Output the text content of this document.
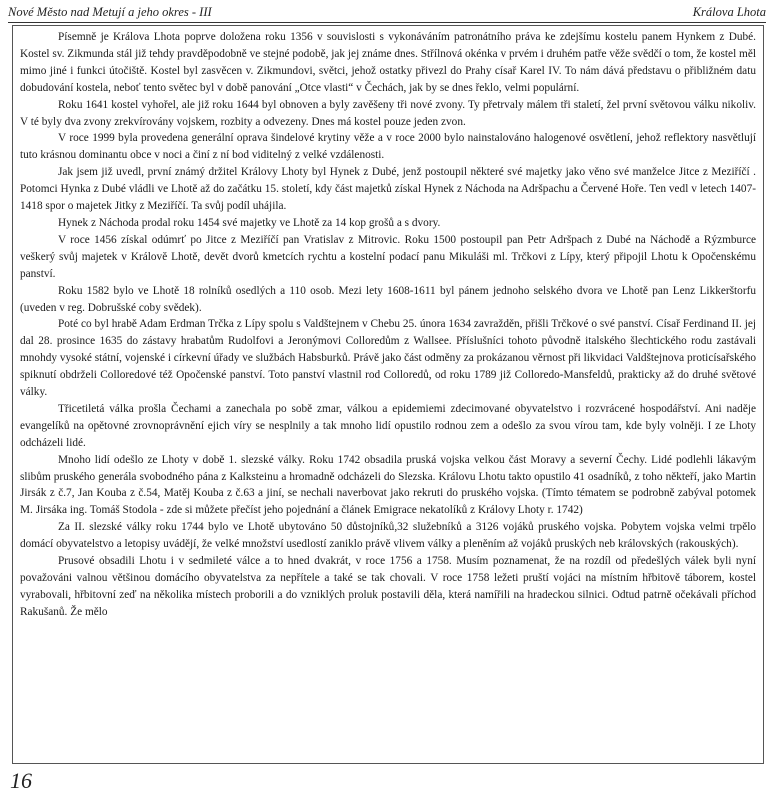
Nové Město nad Metují a jeho okres - III	Králova Lhota

Písemně je Králova Lhota poprve doložena roku 1356 v souvislosti s vykonáváním patronátního práva ke zdejšímu kostelu panem Hynkem z Dubé. Kostel sv. Zikmunda stál již tehdy pravděpodobně ve stejné podobě, jak jej známe dnes. Střílnová okénka v prvém i druhém patře věže svědčí o tom, že kostel měl mimo jiné i funkci útočiště. Kostel byl zasvěcen v. Zikmundovi, světci, jehož ostatky přivezl do Prahy císař Karel IV. To nám dává představu o přibližném datu dobudování kostela, neboť tento světec byl v době panování „Otce vlasti“ v Čechách, jak by se dnes řeklo, velmi populární.

Roku 1641 kostel vyhořel, ale již roku 1644 byl obnoven a byly zavěšeny tři nové zvony. Ty přetrvaly málem tři staletí, žel první světovou válku nikoliv. V té byly dva zvony zrekvírovány vojskem, rozbity a odvezeny. Dnes má kostel pouze jeden zvon.

V roce 1999 byla provedena generální oprava šindelové krytiny věže a v roce 2000 bylo nainstalováno halogenové osvětlení, jehož reflektory nasvětlují tuto krásnou dominantu obce v noci a činí z ní bod viditelný z velké vzdálenosti.

Jak jsem již uvedl, první známý držitel Královy Lhoty byl Hynek z Dubé, jenž postoupil některé své majetky jako věno své manželce Jitce z Meziříčí . Potomci Hynka z Dubé vládli ve Lhotě až do začátku 15. století, kdy část majetků získal Hynek z Náchoda na Adršpachu a Červené Hoře. Ten vedl v letech 1407-1418 spor o majetek Jitky z Meziříčí. Ta svůj podíl uhájila.

Hynek z Náchoda prodal roku 1454 své majetky ve Lhotě za 14 kop grošů a s dvory.

V roce 1456 získal odúmrť po Jitce z Meziříčí pan Vratislav z Mitrovic. Roku 1500 postoupil pan Petr Adršpach z Dubé na Náchodě a Rýzmburce veškerý svůj majetek v Královĕ Lhotě, devět dvorů kmetcích rychtu a kostelní podací panu Mikuláši ml. Trčkovi z Lípy, který připojil Lhotu k Opočenskému panství.

Roku 1582 bylo ve Lhotě 18 rolníků osedlých a 110 osob. Mezi lety 1608-1611 byl pánem jednoho selského dvora ve Lhotě pan Lenz Likkerštorfu (uveden v reg. Dobrušské coby svědek).

Poté co byl hrabě Adam Erdman Trčka z Lípy spolu s Valdštejnem v Chebu 25. února 1634 zavražděn, přišli Trčkové o své panství. Císař Ferdinand II. jej dal 28. prosince 1635 do zástavy hrabatům Rudolfovi a Jeronýmovi Colloredům z Wallsee. Příslušníci tohoto původně italského šlechtického rodu zastávali mnohdy vysoké státní, vojenské i církevní úřady ve službách Habsburků. Právě jako část odměny za prokázanou věrnost při likvidaci Valdštejnova proticísařského spiknutí obdrželi Colloredové též Opočenské panství. Toto panství vlastnil rod Colloredů, od roku 1789 již Colloredo-Mansfeldů, prakticky až do druhé světové války.

Třicetiletá válka prošla Čechami a zanechala po sobě zmar, válkou a epidemiemi zdecimované obyvatelstvo i rozvrácené hospodářství. Ani naděje evangelíků na opětovné zrovnoprávnění ejich víry se nesplnily a tak mnoho lidí opustilo rodnou zem a odešlo za svou vírou tam, kde byly volněji. I ze Lhoty odcházeli lidé.

Mnoho lidí odešlo ze Lhoty v době 1. slezské války. Roku 1742 obsadila pruská vojska velkou část Moravy a severní Čechy. Lidé podlehli lákavým slibům pruského generála svobodného pána z Kalksteinu a hromadně odcházeli do Slezska. Královu Lhotu takto opustilo 41 osadníků, z toho někteří, jako Martin Jirsák z č.7, Jan Kouba z č.54, Matěj Kouba z č.63 a jiní, se nechali naverbovat jako rekruti do pruského vojska. (Tímto tématem se podrobně zabýval potomek M. Jirsáka ing. Tomáš Stodola - zde si můžete přečíst jeho pojednání a článek Emigrace nekatolíků z Královy Lhoty r. 1742)

Za II. slezské války roku 1744 bylo ve Lhotě ubytováno 50 důstojníků,32 služebníků a 3126 vojáků pruského vojska. Pobytem vojska velmi trpělo domácí obyvatelstvo a letopisy uvádějí, že velké množství usedlostí zaniklo právě vlivem války a pleněním až vojáků pruských neb královských (rakouských).

Prusové obsadili Lhotu i v sedmileté válce a to hned dvakrát, v roce 1756 a 1758. Musím poznamenat, že na rozdíl od předešlých válek byli nyní považováni valnou většinou domácího obyvatelstva za nepřítele a také se tak chovali. V roce 1758 ležeti pruští vojáci na místním hřbitově táborem, kostel vyrabovali, hřbitovní zeď na několika místech proborili a do vzniklých proluk postavili děla, která namířili na hradeckou silnici. Odtud patrně očekávali příchod Rakušanů. Že mělo

16
